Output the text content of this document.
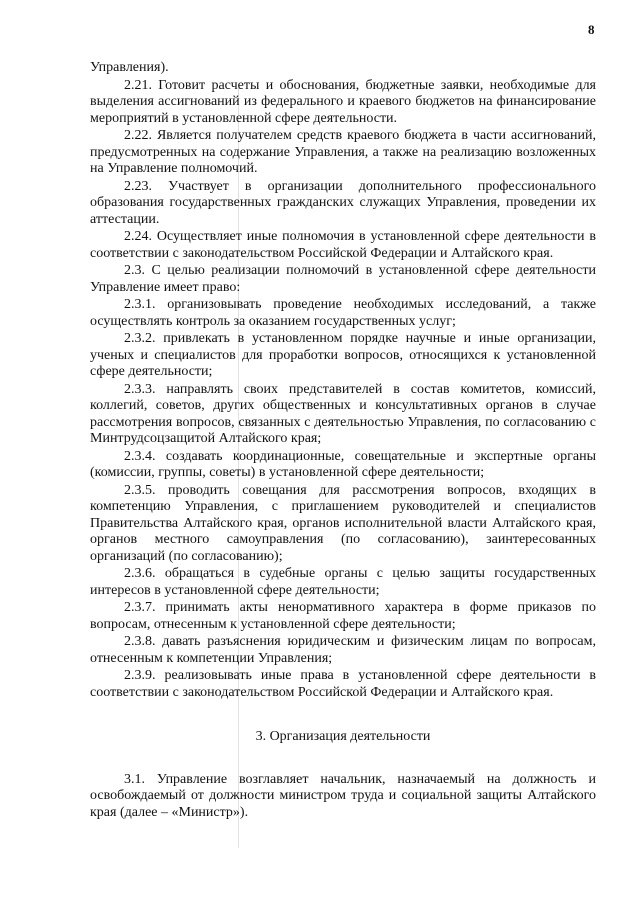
8

Управления).

2.21. Готовит расчеты и обоснования, бюджетные заявки, необходимые для выделения ассигнований из федерального и краевого бюджетов на финансирование мероприятий в установленной сфере деятельности.

2.22. Является получателем средств краевого бюджета в части ассигнований, предусмотренных на содержание Управления, а также на реализацию возложенных на Управление полномочий.

2.23. Участвует в организации дополнительного профессионального образования государственных гражданских служащих Управления, проведении их аттестации.

2.24. Осуществляет иные полномочия в установленной сфере деятельности в соответствии с законодательством Российской Федерации и Алтайского края.

2.3. С целью реализации полномочий в установленной сфере деятельности Управление имеет право:

2.3.1. организовывать проведение необходимых исследований, а также осуществлять контроль за оказанием государственных услуг;

2.3.2. привлекать в установленном порядке научные и иные организации, ученых и специалистов для проработки вопросов, относящихся к установленной сфере деятельности;

2.3.3. направлять своих представителей в состав комитетов, комиссий, коллегий, советов, других общественных и консультативных органов в случае рассмотрения вопросов, связанных с деятельностью Управления, по согласованию с Минтрудсоцзащитой Алтайского края;

2.3.4. создавать координационные, совещательные и экспертные органы (комиссии, группы, советы) в установленной сфере деятельности;

2.3.5. проводить совещания для рассмотрения вопросов, входящих в компетенцию Управления, с приглашением руководителей и специалистов Правительства Алтайского края, органов исполнительной власти Алтайского края, органов местного самоуправления (по согласованию), заинтересованных организаций (по согласованию);

2.3.6. обращаться в судебные органы с целью защиты государственных интересов в установленной сфере деятельности;

2.3.7. принимать акты ненормативного характера в форме приказов по вопросам, отнесенным к установленной сфере деятельности;

2.3.8. давать разъяснения юридическим и физическим лицам по вопросам, отнесенным к компетенции Управления;

2.3.9. реализовывать иные права в установленной сфере деятельности в соответствии с законодательством Российской Федерации и Алтайского края.

3. Организация деятельности

3.1. Управление возглавляет начальник, назначаемый на должность и освобождаемый от должности министром труда и социальной защиты Алтайского края (далее – «Министр»).
